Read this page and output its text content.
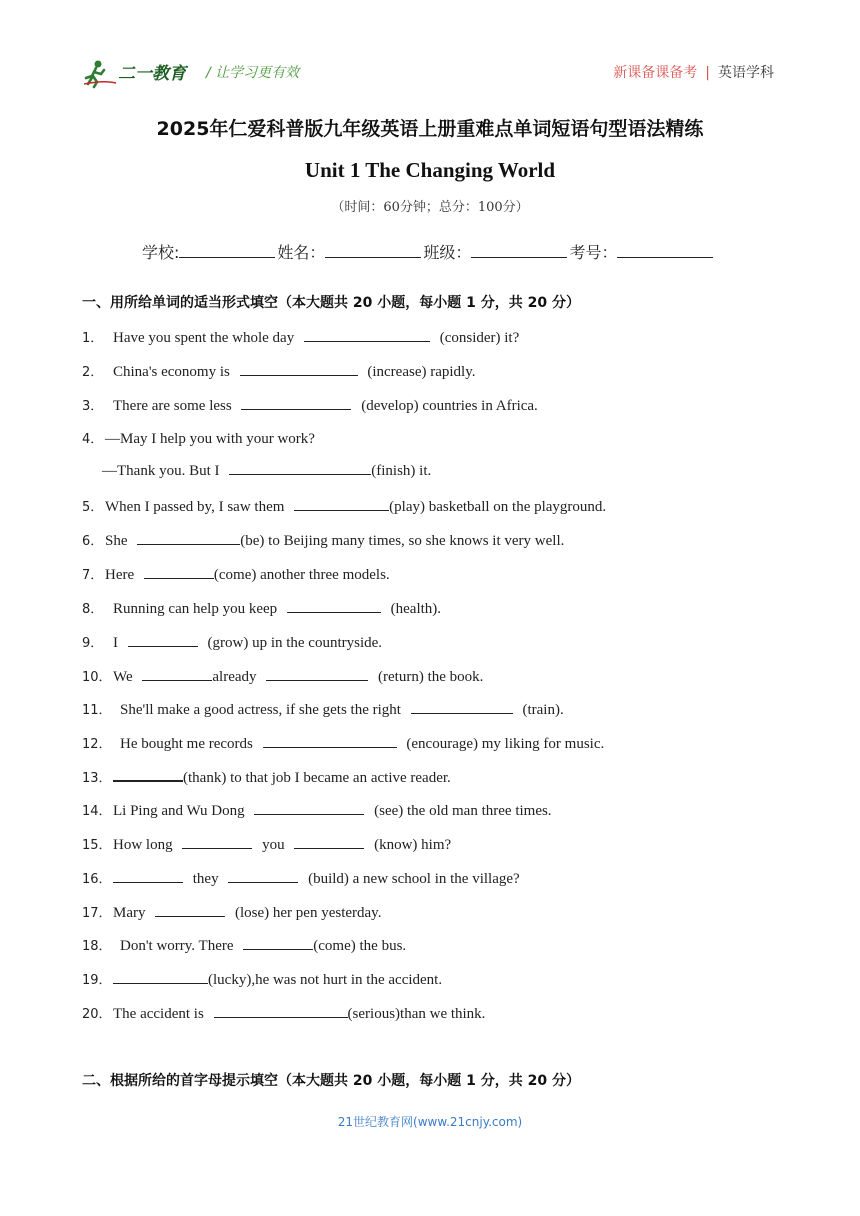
二一教育 / 让学习更有效	新课备课备考 | 英语学科
2025年仁爱科普版九年级英语上册重难点单词短语句型语法精练
Unit 1 The Changing World
（时间：60分钟；总分：100分）
学校:	姓名：	班级：	考号：
一、用所给单词的适当形式填空（本大题共 20 小题，每小题 1 分，共 20 分）
1． Have you spent the whole day	(consider) it?
2． China's economy is	(increase) rapidly.
3． There are some less	(develop) countries in Africa.
4． —May I help you with your work?
—Thank you. But I	(finish) it.
5． When I passed by, I saw them	(play) basketball on the playground.
6． She	(be) to Beijing many times, so she knows it very well.
7． Here	(come) another three models.
8． Running can help you keep	(health).
9． I	(grow) up in the countryside.
10．We	already	(return) the book.
11． She'll make a good actress, if she gets the right	(train).
12． He bought me records	(encourage) my liking for music.
13．	(thank) to that job I became an active reader.
14．Li Ping and Wu Dong	(see) the old man three times.
15．How long	you	(know) him?
16．	they	(build) a new school in the village?
17．Mary	(lose) her pen yesterday.
18． Don't worry. There	(come) the bus.
19．	(lucky),he was not hurt in the accident.
20．The accident is	(serious)than we think.
二、根据所给的首字母提示填空（本大题共 20 小题，每小题 1 分，共 20 分）
21世纪教育网(www.21cnjy.com)
